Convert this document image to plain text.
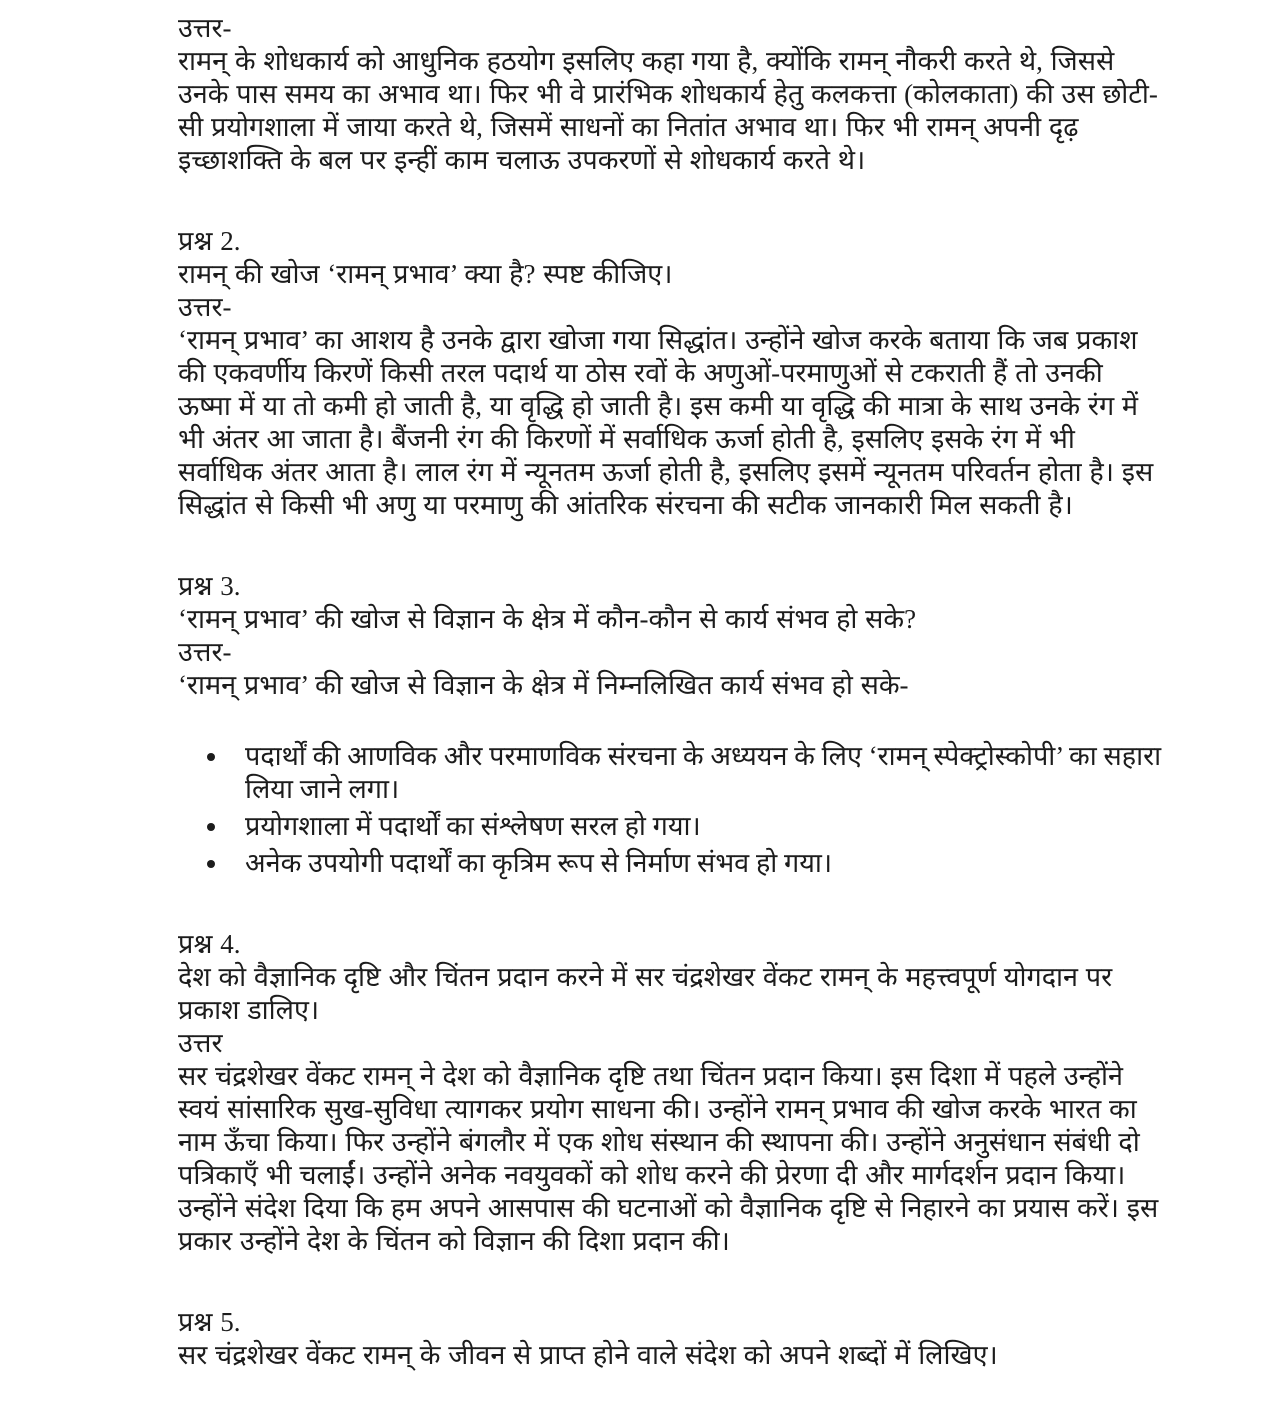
उत्तर-

रामन् के शोधकार्य को आधुनिक हठयोग इसलिए कहा गया है, क्योंकि रामन् नौकरी करते थे, जिससे उनके पास समय का अभाव था। फिर भी वे प्रारंभिक शोधकार्य हेतु कलकत्ता (कोलकाता) की उस छोटी-सी प्रयोगशाला में जाया करते थे, जिसमें साधनों का नितांत अभाव था। फिर भी रामन् अपनी दृढ़ इच्छाशक्ति के बल पर इन्हीं काम चलाऊ उपकरणों से शोधकार्य करते थे।

प्रश्न 2.

रामन् की खोज ‘रामन् प्रभाव’ क्या है? स्पष्ट कीजिए।

उत्तर-

‘रामन् प्रभाव’ का आशय है उनके द्वारा खोजा गया सिद्धांत। उन्होंने खोज करके बताया कि जब प्रकाश की एकवर्णीय किरणें किसी तरल पदार्थ या ठोस रवों के अणुओं-परमाणुओं से टकराती हैं तो उनकी ऊष्मा में या तो कमी हो जाती है, या वृद्धि हो जाती है। इस कमी या वृद्धि की मात्रा के साथ उनके रंग में भी अंतर आ जाता है। बैंजनी रंग की किरणों में सर्वाधिक ऊर्जा होती है, इसलिए इसके रंग में भी सर्वाधिक अंतर आता है। लाल रंग में न्यूनतम ऊर्जा होती है, इसलिए इसमें न्यूनतम परिवर्तन होता है। इस सिद्धांत से किसी भी अणु या परमाणु की आंतरिक संरचना की सटीक जानकारी मिल सकती है।

प्रश्न 3.

‘रामन् प्रभाव’ की खोज से विज्ञान के क्षेत्र में कौन-कौन से कार्य संभव हो सके?

उत्तर-

‘रामन् प्रभाव’ की खोज से विज्ञान के क्षेत्र में निम्नलिखित कार्य संभव हो सके-

पदार्थों की आणविक और परमाणविक संरचना के अध्ययन के लिए ‘रामन् स्पेक्ट्रोस्कोपी’ का सहारा लिया जाने लगा।
प्रयोगशाला में पदार्थों का संश्लेषण सरल हो गया।
अनेक उपयोगी पदार्थों का कृत्रिम रूप से निर्माण संभव हो गया।

प्रश्न 4.

देश को वैज्ञानिक दृष्टि और चिंतन प्रदान करने में सर चंद्रशेखर वेंकट रामन् के महत्त्वपूर्ण योगदान पर प्रकाश डालिए।

उत्तर

सर चंद्रशेखर वेंकट रामन् ने देश को वैज्ञानिक दृष्टि तथा चिंतन प्रदान किया। इस दिशा में पहले उन्होंने स्वयं सांसारिक सुख-सुविधा त्यागकर प्रयोग साधना की। उन्होंने रामन् प्रभाव की खोज करके भारत का नाम ऊँचा किया। फिर उन्होंने बंगलौर में एक शोध संस्थान की स्थापना की। उन्होंने अनुसंधान संबंधी दो पत्रिकाएँ भी चलाईं। उन्होंने अनेक नवयुवकों को शोध करने की प्रेरणा दी और मार्गदर्शन प्रदान किया। उन्होंने संदेश दिया कि हम अपने आसपास की घटनाओं को वैज्ञानिक दृष्टि से निहारने का प्रयास करें। इस प्रकार उन्होंने देश के चिंतन को विज्ञान की दिशा प्रदान की।

प्रश्न 5.

सर चंद्रशेखर वेंकट रामन् के जीवन से प्राप्त होने वाले संदेश को अपने शब्दों में लिखिए।
